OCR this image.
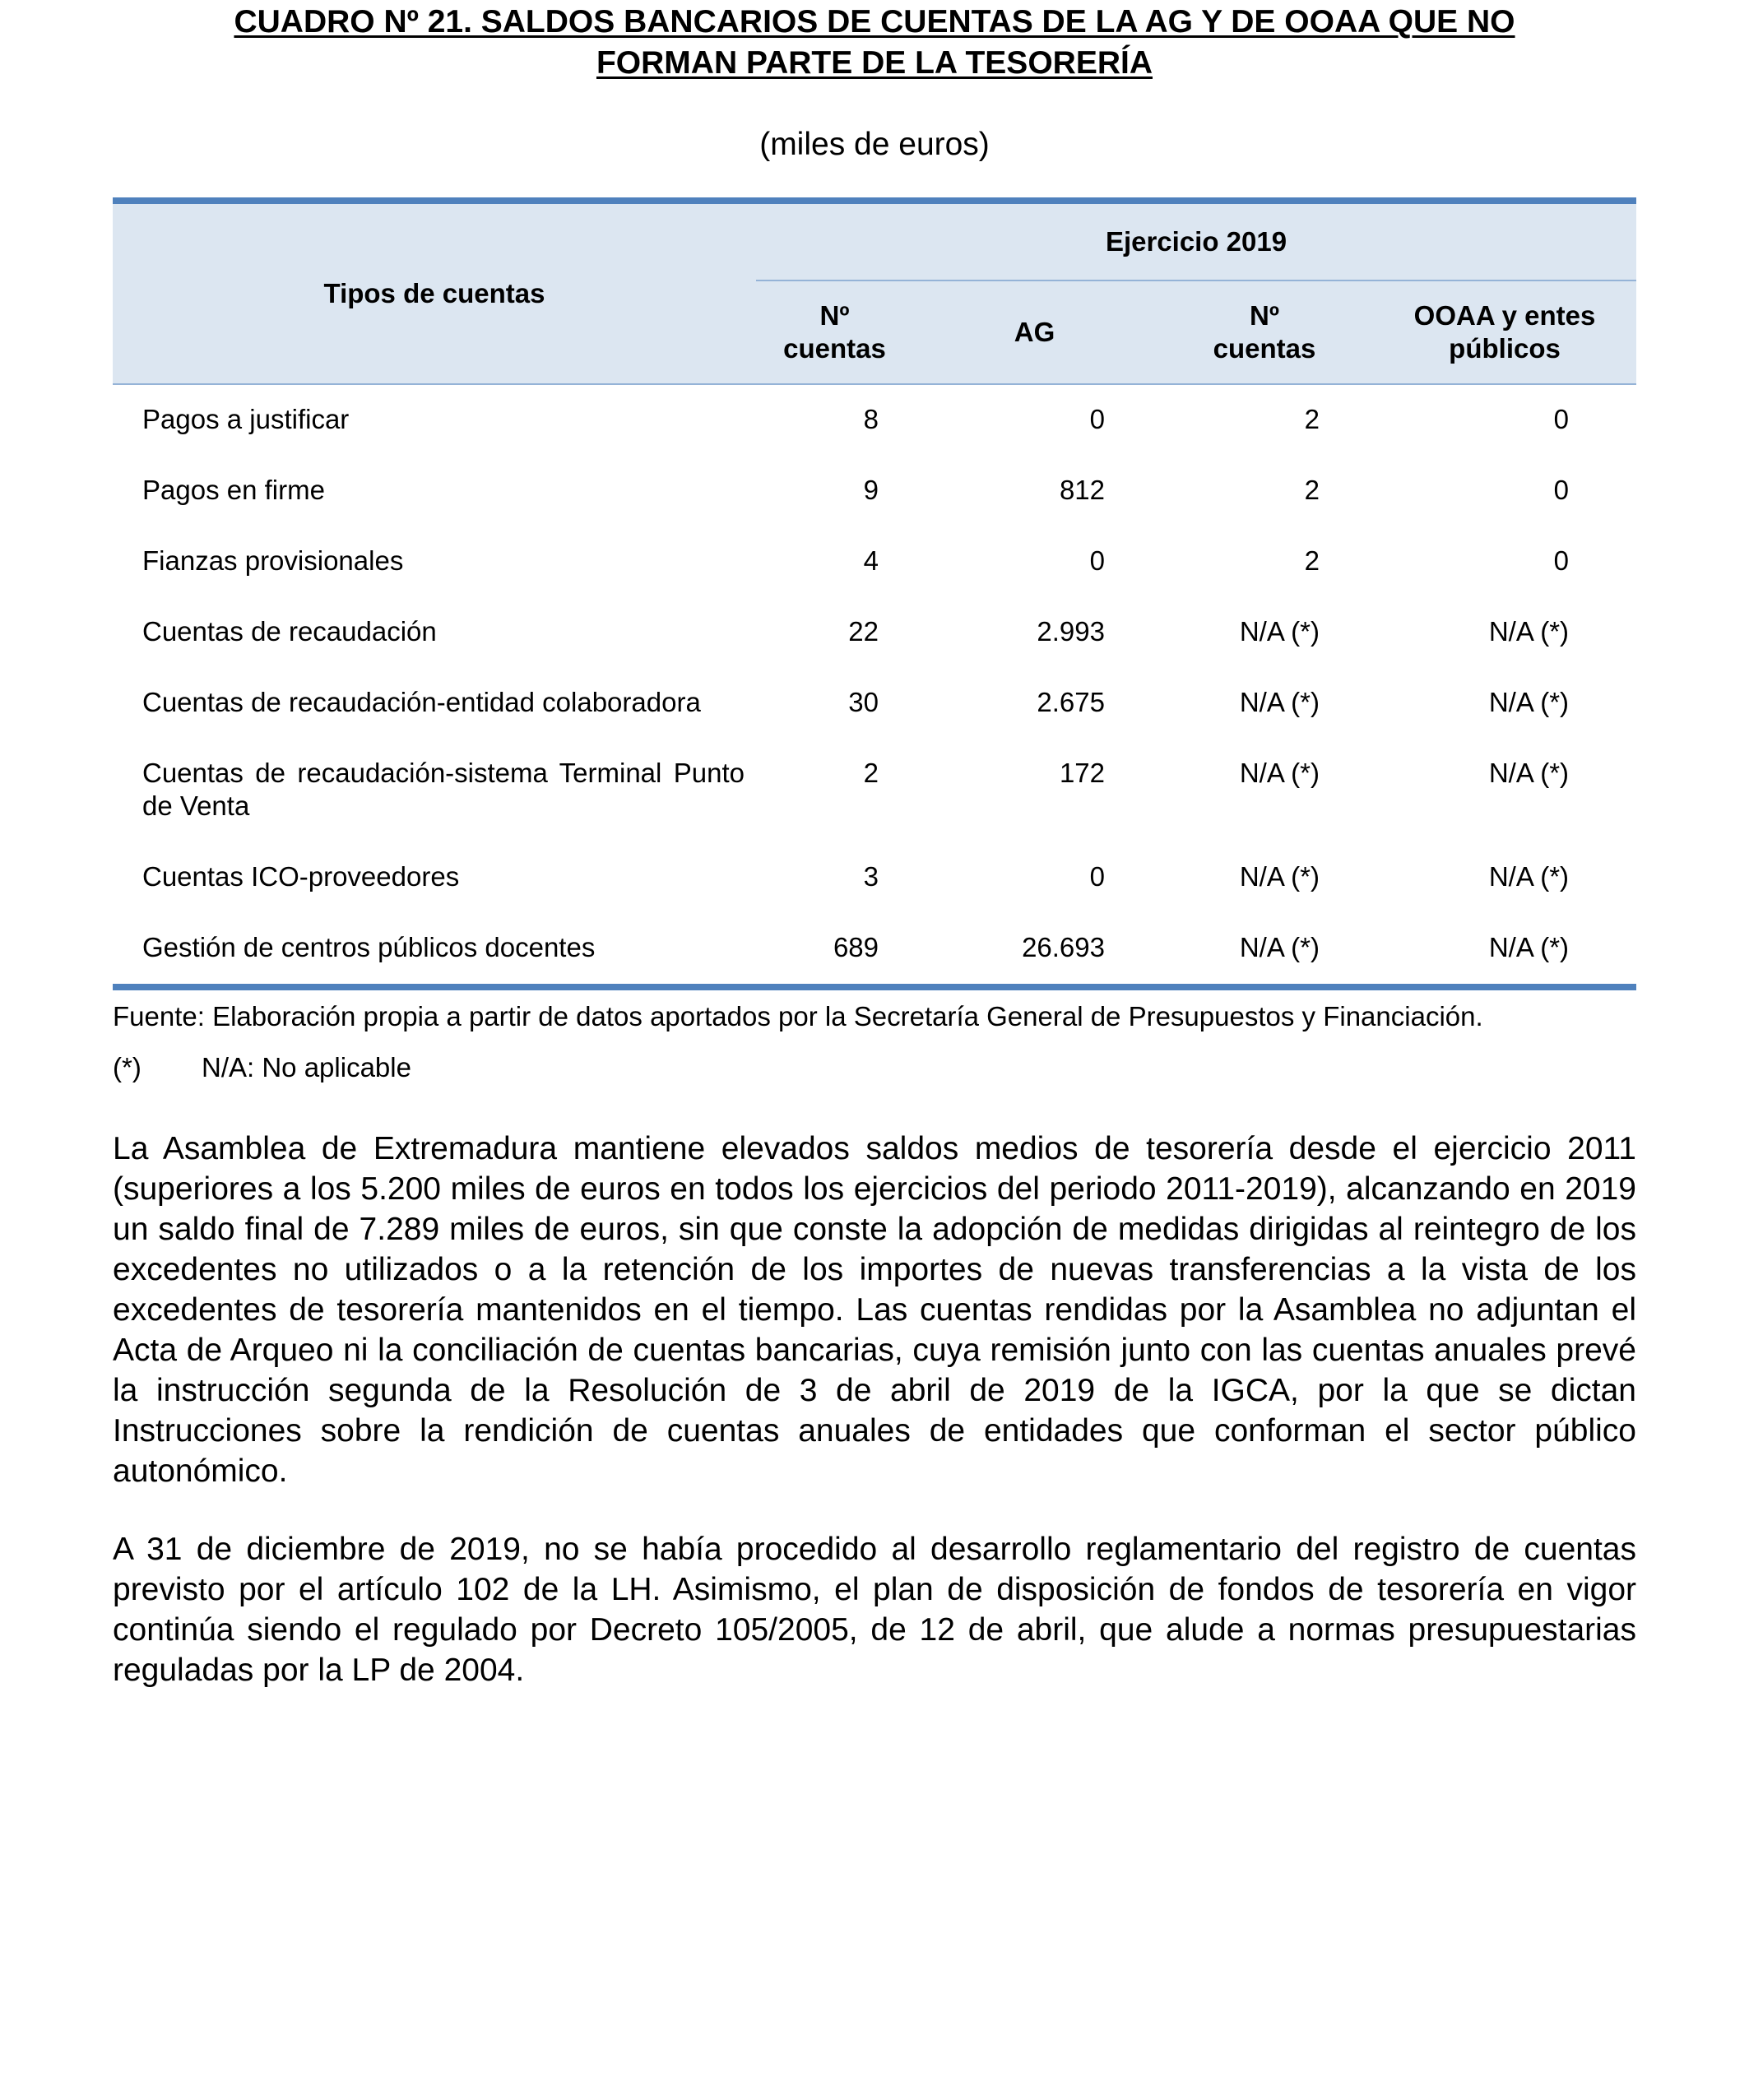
CUADRO Nº 21. SALDOS BANCARIOS DE CUENTAS DE LA AG Y DE OOAA QUE NO
FORMAN PARTE DE LA TESORERÍA
(miles de euros)
Tipos de cuentas	Ejercicio 2019			
	Nº
cuentas	AG	Nº
cuentas	OOAA y entes
públicos
Pagos a justificar	8	0	2	0
Pagos en firme	9	812	2	0
Fianzas provisionales	4	0	2	0
Cuentas de recaudación	22	2.993	N/A (*)	N/A (*)
Cuentas de recaudación-entidad colaboradora	30	2.675	N/A (*)	N/A (*)
Cuentas de recaudación-sistema Terminal Punto de Venta	2	172	N/A (*)	N/A (*)
Cuentas ICO-proveedores	3	0	N/A (*)	N/A (*)
Gestión de centros públicos docentes	689	26.693	N/A (*)	N/A (*)
Fuente: Elaboración propia a partir de datos aportados por la Secretaría General de Presupuestos y Financiación.
(*) N/A: No aplicable

La Asamblea de Extremadura mantiene elevados saldos medios de tesorería desde el ejercicio 2011 (superiores a los 5.200 miles de euros en todos los ejercicios del periodo 2011-2019), alcanzando en 2019 un saldo final de 7.289 miles de euros, sin que conste la adopción de medidas dirigidas al reintegro de los excedentes no utilizados o a la retención de los importes de nuevas transferencias a la vista de los excedentes de tesorería mantenidos en el tiempo. Las cuentas rendidas por la Asamblea no adjuntan el Acta de Arqueo ni la conciliación de cuentas bancarias, cuya remisión junto con las cuentas anuales prevé la instrucción segunda de la Resolución de 3 de abril de 2019 de la IGCA, por la que se dictan Instrucciones sobre la rendición de cuentas anuales de entidades que conforman el sector público autonómico.

A 31 de diciembre de 2019, no se había procedido al desarrollo reglamentario del registro de cuentas previsto por el artículo 102 de la LH. Asimismo, el plan de disposición de fondos de tesorería en vigor continúa siendo el regulado por Decreto 105/2005, de 12 de abril, que alude a normas presupuestarias reguladas por la LP de 2004.
